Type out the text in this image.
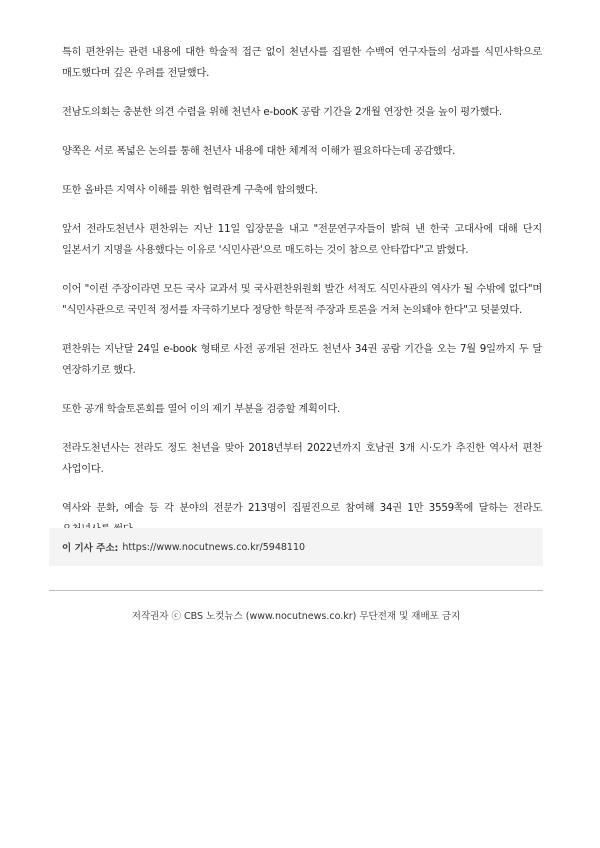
특히 편찬위는 관련 내용에 대한 학술적 접근 없이 천년사를 집필한 수백여 연구자들의 성과를 식민사학으로 매도했다며 깊은 우려를 전달했다.

전남도의회는 충분한 의견 수렴을 위해 천년사 e-booK 공람 기간을 2개월 연장한 것을 높이 평가했다.

양쪽은 서로 폭넓은 논의를 통해 천년사 내용에 대한 체계적 이해가 필요하다는데 공감했다.

또한 올바른 지역사 이해를 위한 협력관계 구축에 합의했다.

앞서 전라도천년사 편찬위는 지난 11일 입장문을 내고 "전문연구자들이 밝혀 낸 한국 고대사에 대해 단지 일본서기 지명을 사용했다는 이유로 '식민사관'으로 매도하는 것이 참으로 안타깝다"고 밝혔다.

이어 "이런 주장이라면 모든 국사 교과서 및 국사편찬위원회 발간 서적도 식민사관의 역사가 될 수밖에 없다"며 "식민사관으로 국민적 정서를 자극하기보다 정당한 학문적 주장과 토론을 거쳐 논의돼야 한다"고 덧붙였다.

편찬위는 지난달 24일 e-book 형태로 사전 공개된 전라도 천년사 34권 공람 기간을 오는 7월 9일까지 두 달 연장하기로 했다.

또한 공개 학술토론회를 열어 이의 제기 부분을 검증할 계획이다.

전라도천년사는 전라도 정도 천년을 맞아 2018년부터 2022년까지 호남권 3개 시·도가 추진한 역사서 편찬 사업이다.

역사와 문화, 예술 등 각 분야의 전문가 213명이 집필진으로 참여해 34권 1만 3559쪽에 달하는 전라도

이 기사 주소: https://www.nocutnews.co.kr/5948110
저작권자 ⓒ CBS 노컷뉴스 (www.nocutnews.co.kr) 무단전재 및 재배포 금지
